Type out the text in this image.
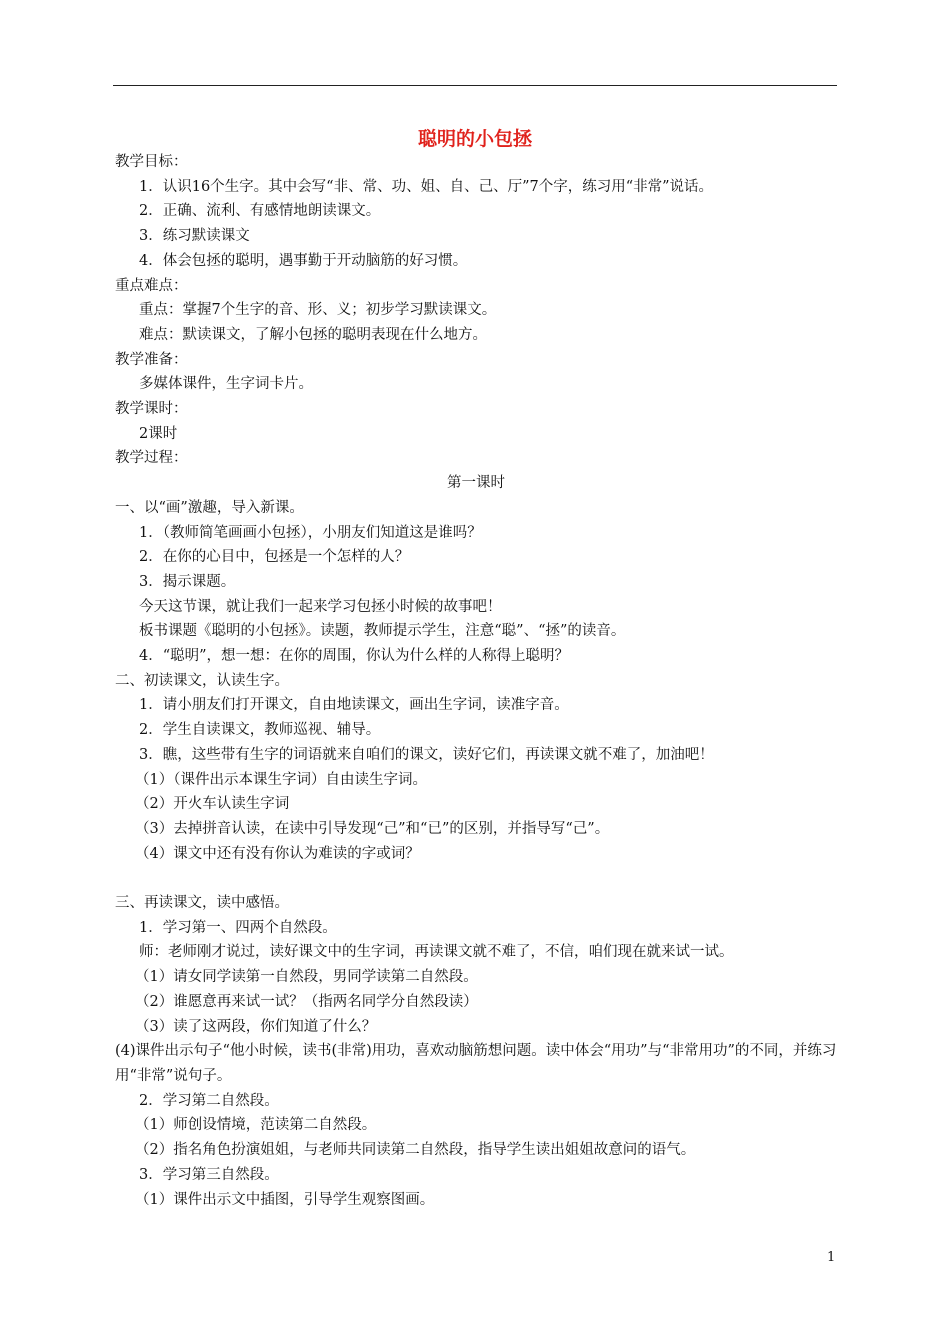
聪明的小包拯
教学目标：
1．认识16个生字。其中会写“非、常、功、姐、自、己、厅”7个字，练习用“非常”说话。
2．正确、流利、有感情地朗读课文。
3．练习默读课文
4．体会包拯的聪明，遇事勤于开动脑筋的好习惯。
重点难点：
重点：掌握7个生字的音、形、义；初步学习默读课文。
难点：默读课文，了解小包拯的聪明表现在什么地方。
教学准备：
多媒体课件，生字词卡片。
教学课时：
2课时
教学过程：
第一课时
一、以“画”激趣，导入新课。
1．（教师简笔画画小包拯），小朋友们知道这是谁吗？
2．在你的心目中，包拯是一个怎样的人？
3．揭示课题。
今天这节课，就让我们一起来学习包拯小时候的故事吧！
板书课题《聪明的小包拯》。读题，教师提示学生，注意“聪”、“拯”的读音。
4．“聪明”，想一想：在你的周围，你认为什么样的人称得上聪明？
二、初读课文，认读生字。
1．请小朋友们打开课文，自由地读课文，画出生字词，读准字音。
2．学生自读课文，教师巡视、辅导。
3．瞧，这些带有生字的词语就来自咱们的课文，读好它们，再读课文就不难了，加油吧！
（1）（课件出示本课生字词）自由读生字词。
（2）开火车认读生字词
（3）去掉拼音认读，在读中引导发现“己”和“已”的区别，并指导写“己”。
（4）课文中还有没有你认为难读的字或词？
三、再读课文，读中感悟。
1．学习第一、四两个自然段。
师：老师刚才说过，读好课文中的生字词，再读课文就不难了，不信，咱们现在就来试一试。
（1）请女同学读第一自然段，男同学读第二自然段。
（2）谁愿意再来试一试？（指两名同学分自然段读）
（3）读了这两段，你们知道了什么？
(4)课件出示句子“他小时候，读书(非常)用功，喜欢动脑筋想问题。读中体会“用功”与“非常用功”的不同，并练习用“非常”说句子。
2．学习第二自然段。
（1）师创设情境，范读第二自然段。
（2）指名角色扮演姐姐，与老师共同读第二自然段，指导学生读出姐姐故意问的语气。
3．学习第三自然段。
（1）课件出示文中插图，引导学生观察图画。
1
